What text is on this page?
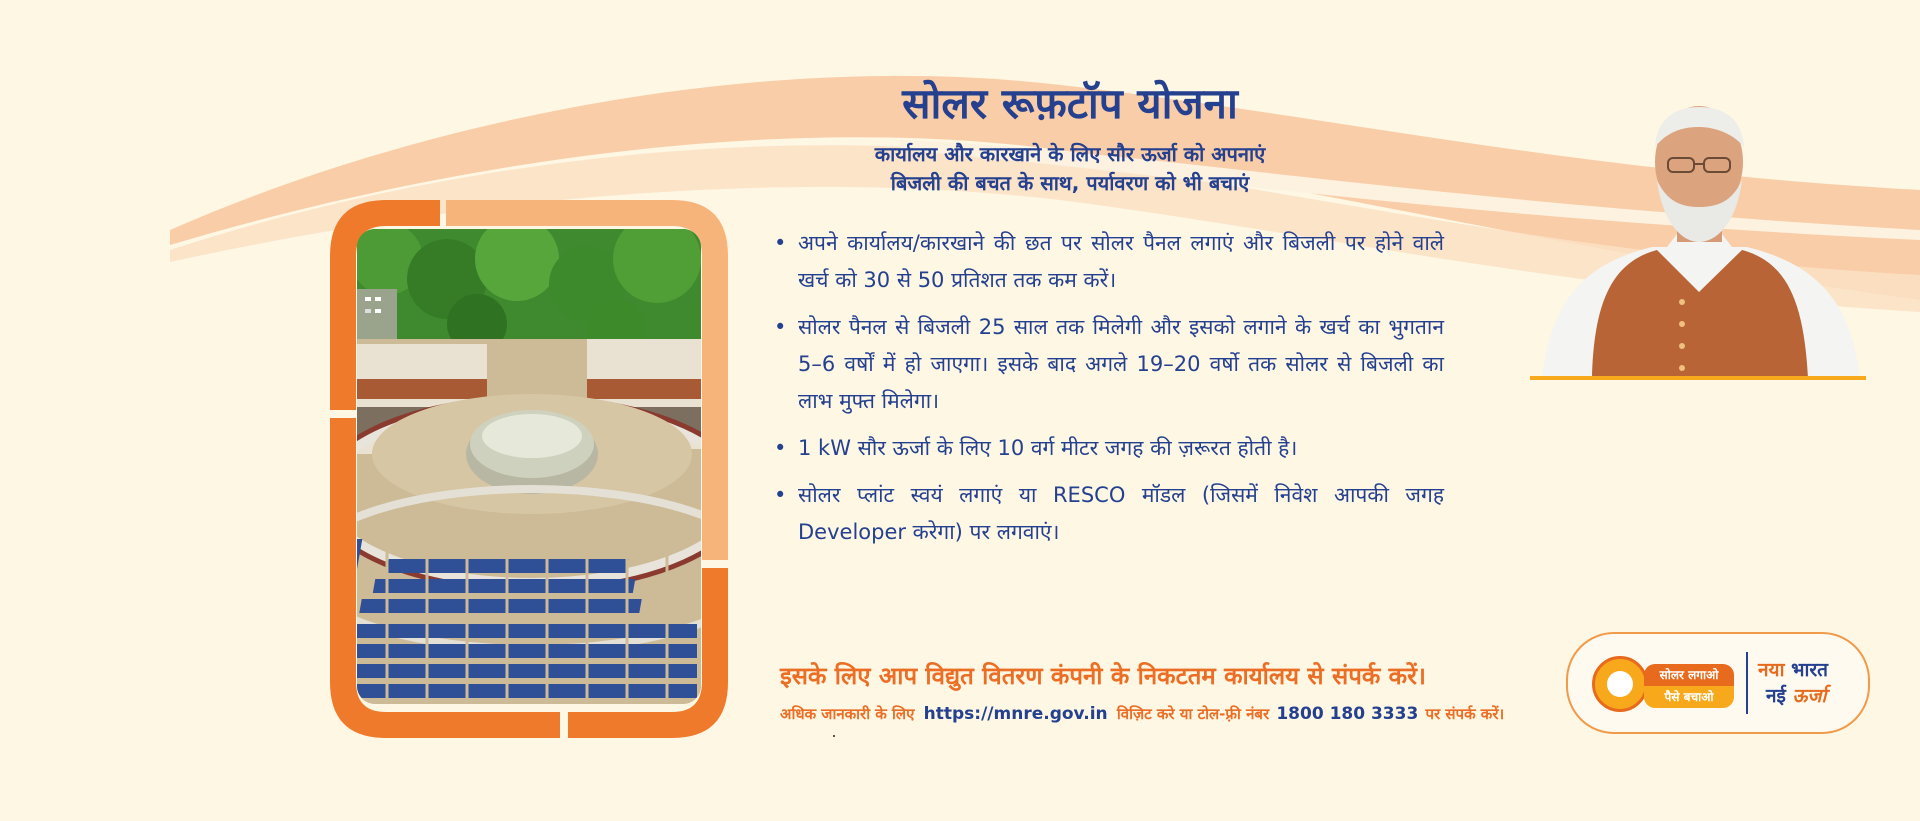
सोलर रूफ़टॉप योजना
कार्यालय और कारखाने के लिए सौर ऊर्जा को अपनाएं
बिजली की बचत के साथ, पर्यावरण को भी बचाएं
• अपने कार्यालय/कारखाने की छत पर सोलर पैनल लगाएं और बिजली पर होने वाले खर्च को 30 से 50 प्रतिशत तक कम करें।
• सोलर पैनल से बिजली 25 साल तक मिलेगी और इसको लगाने के खर्च का भुगतान 5–6 वर्षों में हो जाएगा। इसके बाद अगले 19–20 वर्षो तक सोलर से बिजली का लाभ मुफ्त मिलेगा।
• 1 kW सौर ऊर्जा के लिए 10 वर्ग मीटर जगह की ज़रूरत होती है।
• सोलर प्लांट स्वयं लगाएं या RESCO मॉडल (जिसमें निवेश आपकी जगह Developer करेगा) पर लगवाएं।
इसके लिए आप विद्युत वितरण कंपनी के निकटतम कार्यालय से संपर्क करें।
अधिक जानकारी के लिए https://mnre.gov.in विज़िट करे या टोल-फ़्री नंबर 1800 180 3333 पर संपर्क करें।
सोलर लगाओ
पैसे बचाओ
नया भारत
नई ऊर्जा
